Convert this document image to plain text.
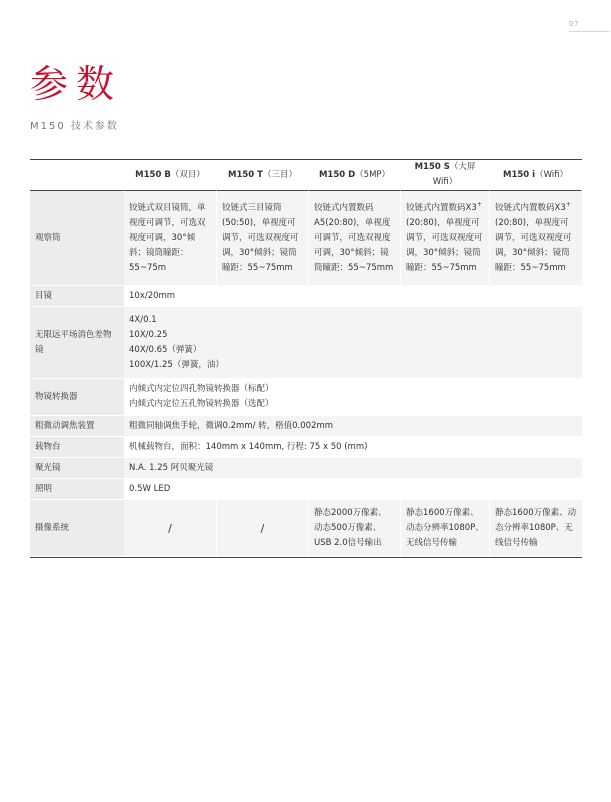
07
参数
M150 技术参数
	M150 B（双目）	M150 T（三目）	M150 D（5MP）	M150 S（大屏Wifi）	M150 i（Wifi）
观察筒	铰链式双目镜筒，单视度可调节，可选双视度可调，30°倾斜；镜筒瞳距：55~75m	铰链式三目镜筒(50:50)，单视度可调节，可选双视度可调，30°倾斜；镜筒瞳距：55~75mm	铰链式内置数码A5(20:80)，单视度可调节，可选双视度可调，30°倾斜；镜筒瞳距：55~75mm	铰链式内置数码X3+(20:80)，单视度可调节，可选双视度可调，30°倾斜；镜筒瞳距：55~75mm	铰链式内置数码X3+(20:80)，单视度可调节，可选双视度可调，30°倾斜；镜筒瞳距：55~75mm
目镜	10x/20mm				
无限远平场消色差物镜	4X/0.1
10X/0.25
40X/0.65（弹簧）
100X/1.25（弹簧，油）				

物镜转换器	内倾式内定位四孔物镜转换器（标配）
内倾式内定位五孔物镜转换器（选配）				

粗微动调焦装置	粗微同轴调焦手轮，微调0.2mm/ 转，格值0.002mm				
载物台	机械载物台，面积：140mm x 140mm, 行程: 75 x 50 (mm)				
聚光镜	N.A. 1.25 阿贝聚光镜				
照明	0.5W LED				
摄像系统	/	/	静态2000万像素、动态500万像素、USB 2.0信号输出	静态1600万像素、动态分辨率1080P、无线信号传输	静态1600万像素、动态分辨率1080P、无线信号传输
